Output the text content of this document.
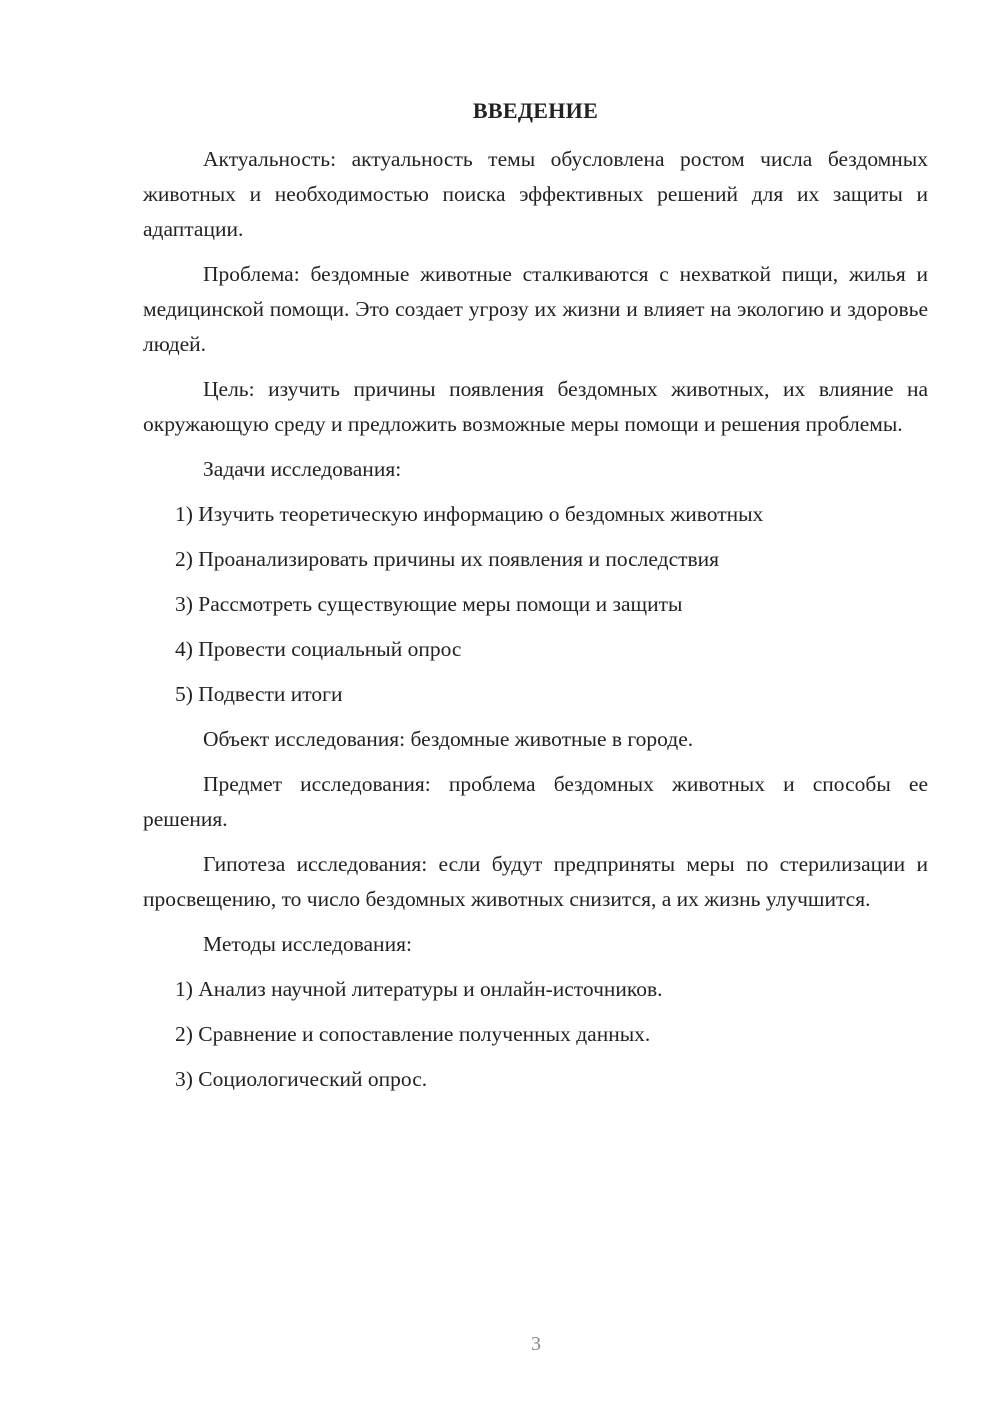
ВВЕДЕНИЕ

Актуальность: актуальность темы обусловлена ростом числа бездомных животных и необходимостью поиска эффективных решений для их защиты и адаптации.

Проблема: бездомные животные сталкиваются с нехваткой пищи, жилья и медицинской помощи. Это создает угрозу их жизни и влияет на экологию и здоровье людей.

Цель: изучить причины появления бездомных животных, их влияние на окружающую среду и предложить возможные меры помощи и решения проблемы.

Задачи исследования:

1) Изучить теоретическую информацию о бездомных животных

2) Проанализировать причины их появления и последствия

3) Рассмотреть существующие меры помощи и защиты

4) Провести социальный опрос

5) Подвести итоги

Объект исследования: бездомные животные в городе.

Предмет исследования: проблема бездомных животных и способы ее решения.

Гипотеза исследования: если будут предприняты меры по стерилизации и просвещению, то число бездомных животных снизится, а их жизнь улучшится.

Методы исследования:

1) Анализ научной литературы и онлайн-источников.

2) Сравнение и сопоставление полученных данных.

3) Социологический опрос.

3
